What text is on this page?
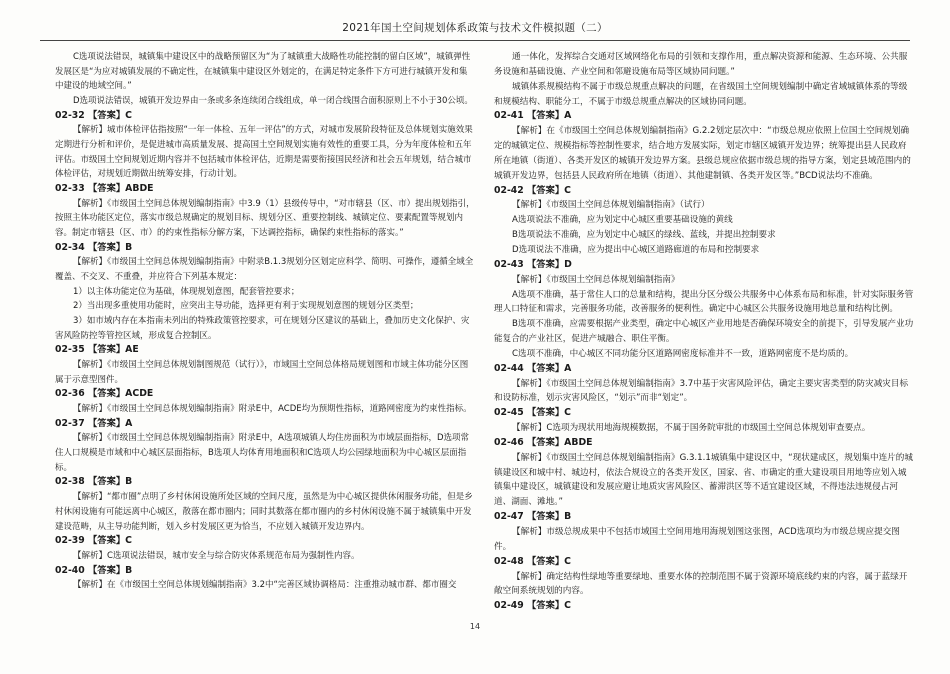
2021年国土空间规划体系政策与技术文件模拟题（二）

C选项说法错误，城镇集中建设区中的战略预留区为“为了城镇重大战略性功能控制的留白区域”，城镇弹性发展区是“为应对城镇发展的不确定性，在城镇集中建设区外划定的，在满足特定条件下方可进行城镇开发和集中建设的地域空间。”

D选项说法错误，城镇开发边界由一条或多条连续闭合线组成，单一闭合线围合面积原则上不小于30公顷。

02-32 【答案】C

【解析】城市体检评估指按照“一年一体检、五年一评估”的方式，对城市发展阶段特征及总体规划实施效果定期进行分析和评价，是促进城市高质量发展、提高国土空间规划实施有效性的重要工具，分为年度体检和五年评估。市级国土空间规划近期内容并不包括城市体检评估，近期是需要衔接国民经济和社会五年规划，结合城市体检评估，对规划近期做出统筹安排，行动计划。

02-33 【答案】ABDE

【解析】《市级国土空间总体规划编制指南》中3.9（1）县级传导中，“对市辖县（区、市）提出规划指引，按照主体功能区定位，落实市级总规确定的规划目标、规划分区、重要控制线、城镇定位、要素配置等规划内容。制定市辖县（区、市）的约束性指标分解方案，下达调控指标，确保约束性指标的落实。”

02-34 【答案】B

【解析】《市级国土空间总体规划编制指南》中附录B.1.3规划分区划定应科学、简明、可操作，遵循全域全覆盖、不交叉、不重叠，并应符合下列基本规定：

1）以主体功能定位为基础，体现规划意图，配套管控要求；

2）当出现多重使用功能时，应突出主导功能，选择更有利于实现规划意图的规划分区类型；

3）如市域内存在本指南未列出的特殊政策管控要求，可在规划分区建议的基础上，叠加历史文化保护、灾害风险防控等管控区域，形成复合控制区。

02-35 【答案】AE

【解析】《市级国土空间总体规划制图规范（试行）》，市域国土空间总体格局规划图和市域主体功能分区图属于示意型图件。

02-36 【答案】ACDE

【解析】《市级国土空间总体规划编制指南》附录E中，ACDE均为预期性指标，道路网密度为约束性指标。

02-37 【答案】A

【解析】《市级国土空间总体规划编制指南》附录E中，A选项城镇人均住房面积为市域层面指标，D选项常住人口规模是市域和中心城区层面指标，B选项人均体育用地面积和C选项人均公园绿地面积为中心城区层面指标。

02-38 【答案】B

【解析】“都市圈”点明了乡村休闲设施所处区域的空间尺度，虽然是为中心城区提供休闲服务功能，但是乡村休闲设施有可能远离中心城区，散落在都市圈内；同时其数落在都市圈内的乡村休闲设施不属于城镇集中开发建设范畴，从主导功能判断，划入乡村发展区更为恰当，不应划入城镇开发边界内。

02-39 【答案】C

【解析】C选项说法错误，城市安全与综合防灾体系规范布局为强制性内容。

02-40 【答案】B

【解析】在《市级国土空间总体规划编制指南》3.2中“完善区域协调格局：注重推动城市群、都市圈交

通一体化，发挥综合交通对区域网络化布局的引领和支撑作用，重点解决资源和能源、生态环境、公共服务设施和基础设施、产业空间和邻避设施布局等区域协同问题。”

城镇体系规模结构不属于市级总规重点解决的问题，在省级国土空间规划编制中确定省域城镇体系的等级和规模结构、职能分工，不属于市级总规重点解决的区域协同问题。

02-41 【答案】A

【解析】在《市级国土空间总体规划编制指南》G.2.2划定层次中：“市级总规应依照上位国土空间规划确定的城镇定位、规模指标等控制性要求，结合地方发展实际，划定市辖区城镇开发边界；统筹提出县人民政府所在地镇（街道）、各类开发区的城镇开发边界方案。县级总规应依据市级总规的指导方案，划定县域范围内的城镇开发边界，包括县人民政府所在地镇（街道）、其他建制镇、各类开发区等。”BCD说法均不准确。

02-42 【答案】C

【解析】《市级国土空间总体规划编制指南》（试行）

A选项说法不准确，应为划定中心城区重要基础设施的黄线

B选项说法不准确，应为划定中心城区的绿线、蓝线，并提出控制要求

D选项说法不准确，应为提出中心城区道路廊道的布局和控制要求

02-43 【答案】D

【解析】《市级国土空间总体规划编制指南》

A选项不准确，基于常住人口的总量和结构，提出分区分级公共服务中心体系布局和标准，针对实际服务管理人口特征和需求，完善服务功能，改善服务的便利性。确定中心城区公共服务设施用地总量和结构比例。

B选项不准确，应需要根据产业类型，确定中心城区产业用地是否确保环境安全的前提下，引导发展产业功能复合的产业社区，促进产城融合、职住平衡。

C选项不准确，中心城区不同功能分区道路网密度标准并不一致，道路网密度不是均质的。

02-44 【答案】A

【解析】《市级国土空间总体规划编制指南》3.7中基于灾害风险评估，确定主要灾害类型的防灾减灾目标和设防标准，划示灾害风险区，“划示”而非“划定”。

02-45 【答案】C

【解析】C选项为现状用地海规模数据，不属于国务院审批的市级国土空间总体规划审查要点。

02-46 【答案】ABDE

【解析】《市级国土空间总体规划编制指南》G.3.1.1城镇集中建设区中，“现状建成区，规划集中连片的城镇建设区和城中村、城边村，依法合规设立的各类开发区，国家、省、市确定的重大建设项目用地等应划入城镇集中建设区，城镇建设和发展应避让地质灾害风险区、蓄滞洪区等不适宜建设区域，不得违法违规侵占河道、湖面、滩地。”

02-47 【答案】B

【解析】市级总规成果中不包括市域国土空间用地用海规划图这张图，ACD选项均为市级总规应提交图件。

02-48 【答案】C

【解析】确定结构性绿地等重要绿地、重要水体的控制范围不属于资源环境底线约束的内容，属于蓝绿开敞空间系统规划的内容。

02-49 【答案】C

14
